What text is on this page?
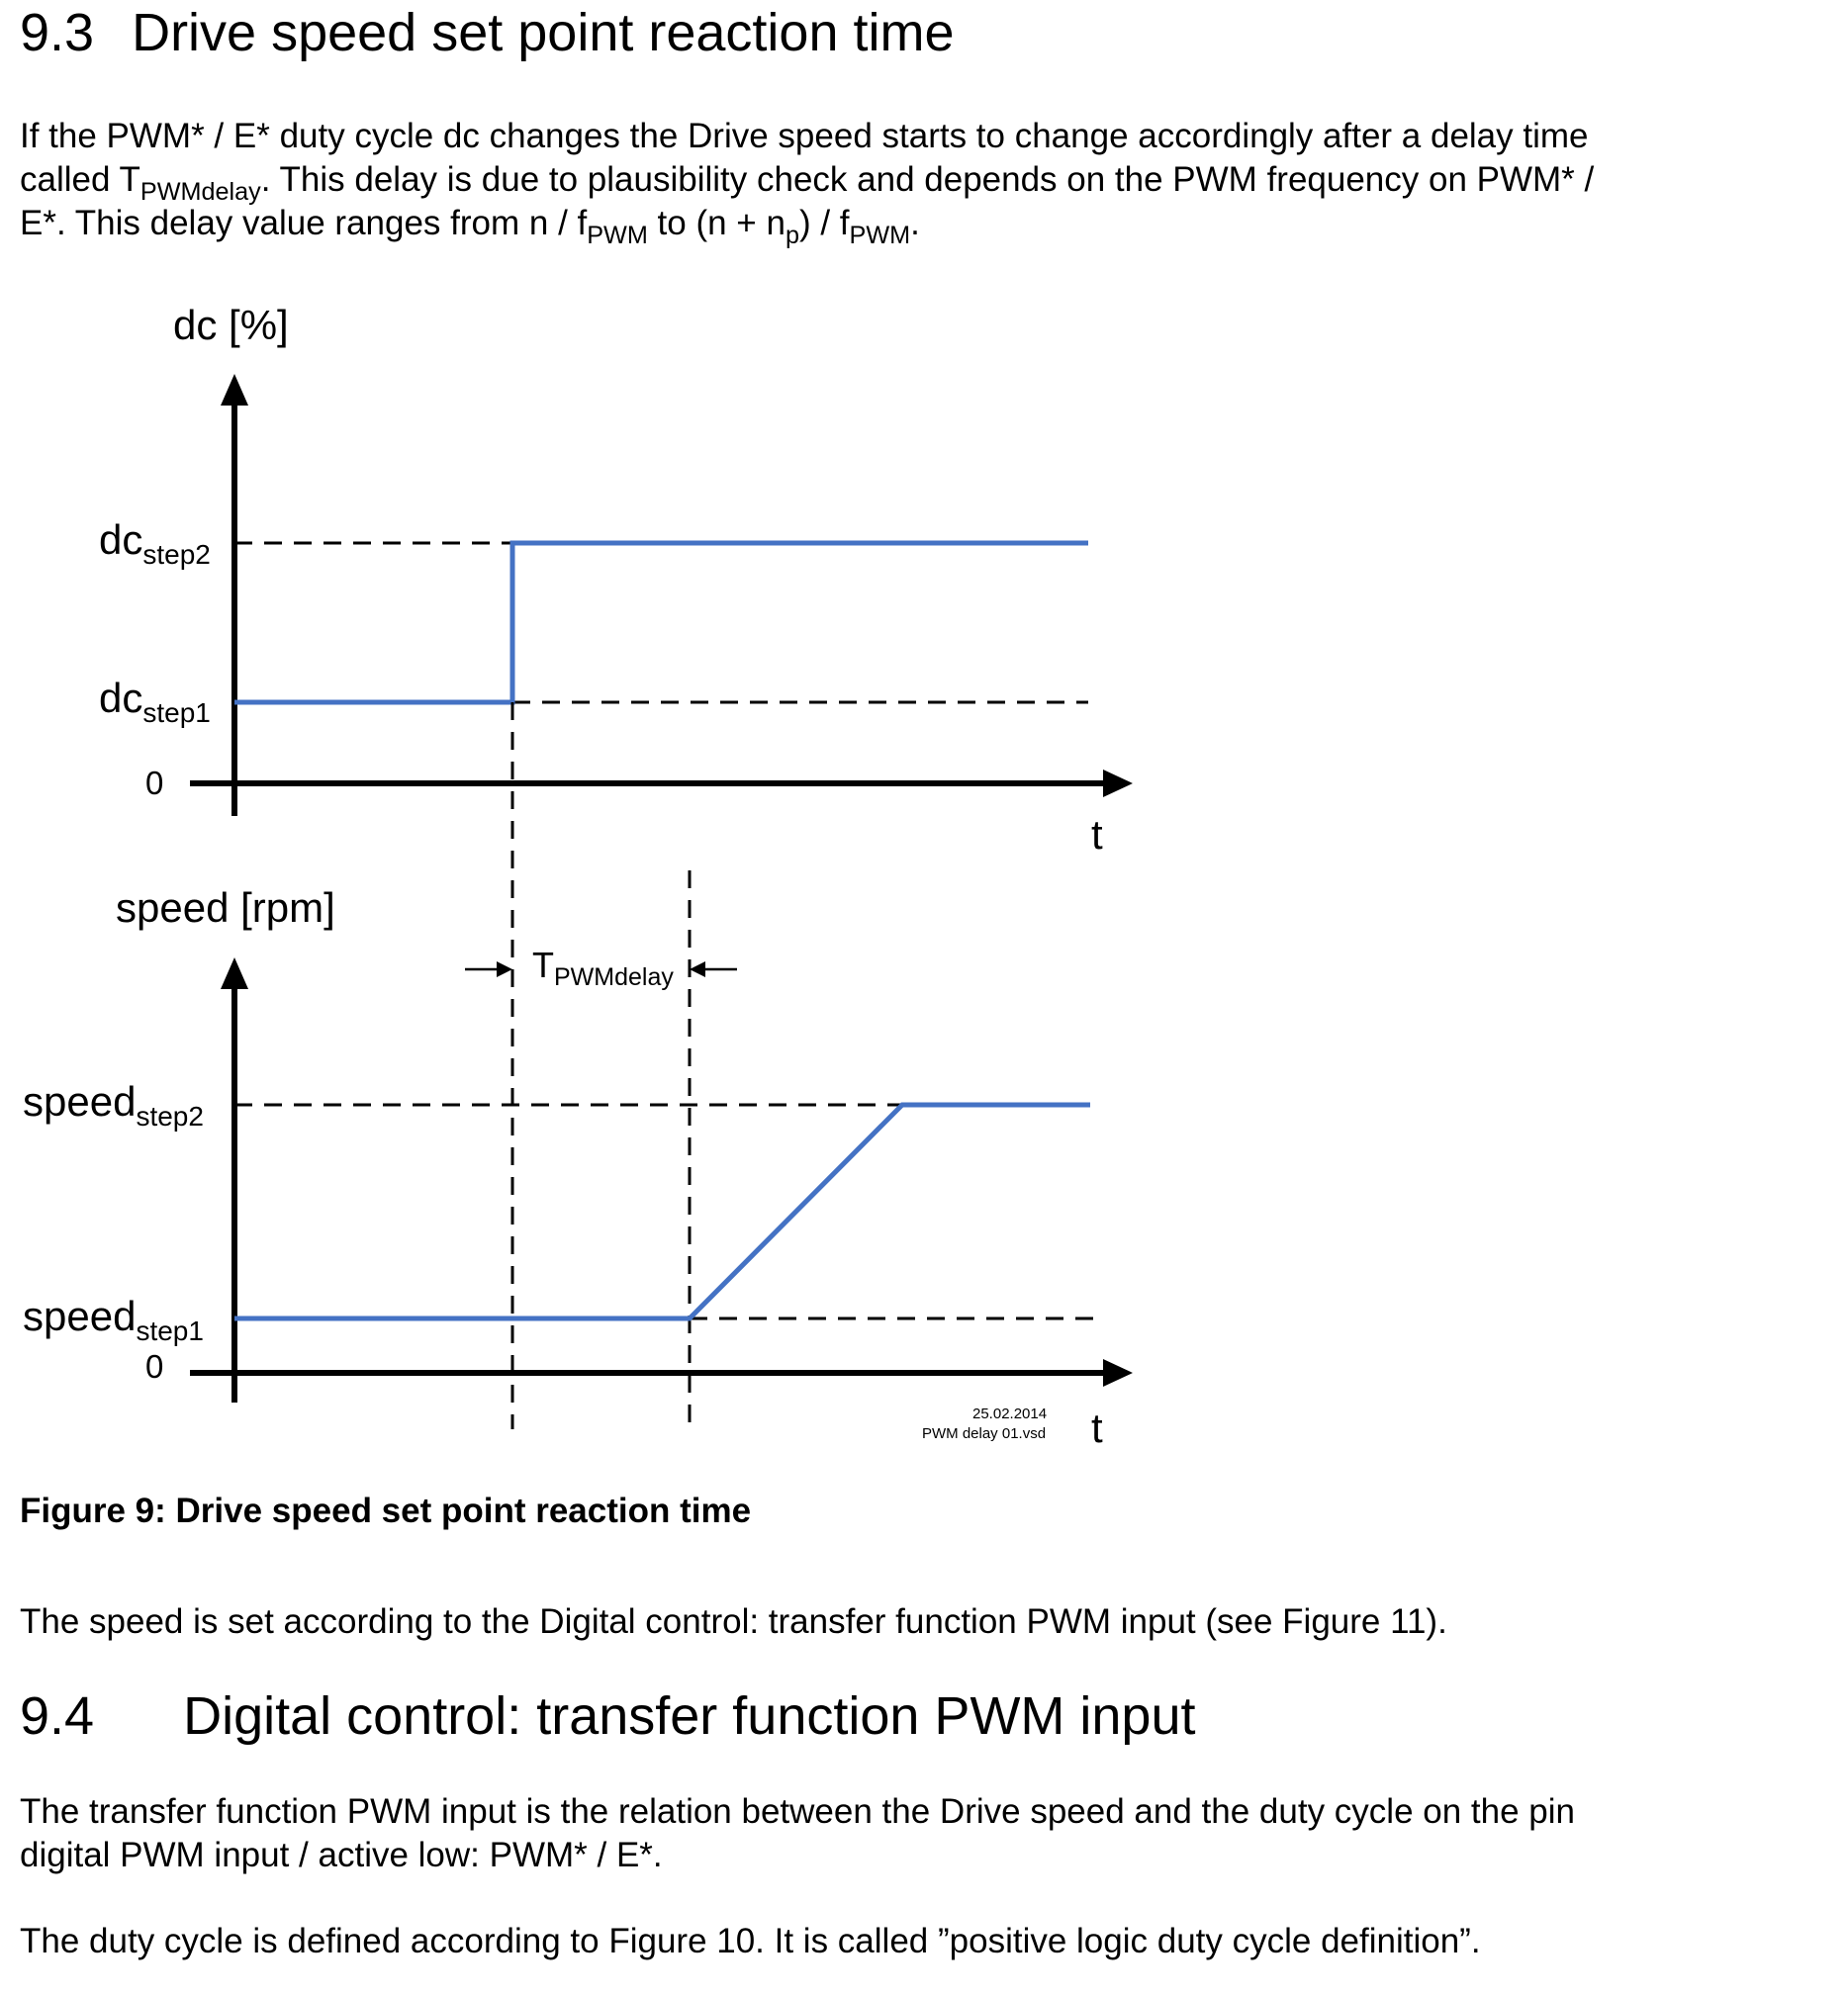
9.3 Drive speed set point reaction time
If the PWM* / E* duty cycle dc changes the Drive speed starts to change accordingly after a delay time
called $T_{PWMdelay}$. This delay is due to plausibility check and depends on the PWM frequency on PWM* /
E*. This delay value ranges from n / $f_{PWM}$ to $(n + n_p) / f_{PWM}$.
dc [%]
t
0
$dc_{step2}$
$dc_{step1}$
$T_{PWMdelay}$
speed [rpm]
t
0
speed$_{step2}$
speed$_{step1}$
25.02.2014
PWM delay 01.vsd
Figure 9: Drive speed set point reaction time
The speed is set according to the Digital control: transfer function PWM input (see Figure 11).
9.4 Digital control: transfer function PWM input
The transfer function PWM input is the relation between the Drive speed and the duty cycle on the pin
digital PWM input / active low: PWM* / E*.
The duty cycle is defined according to Figure 10. It is called ”positive logic duty cycle definition”.
